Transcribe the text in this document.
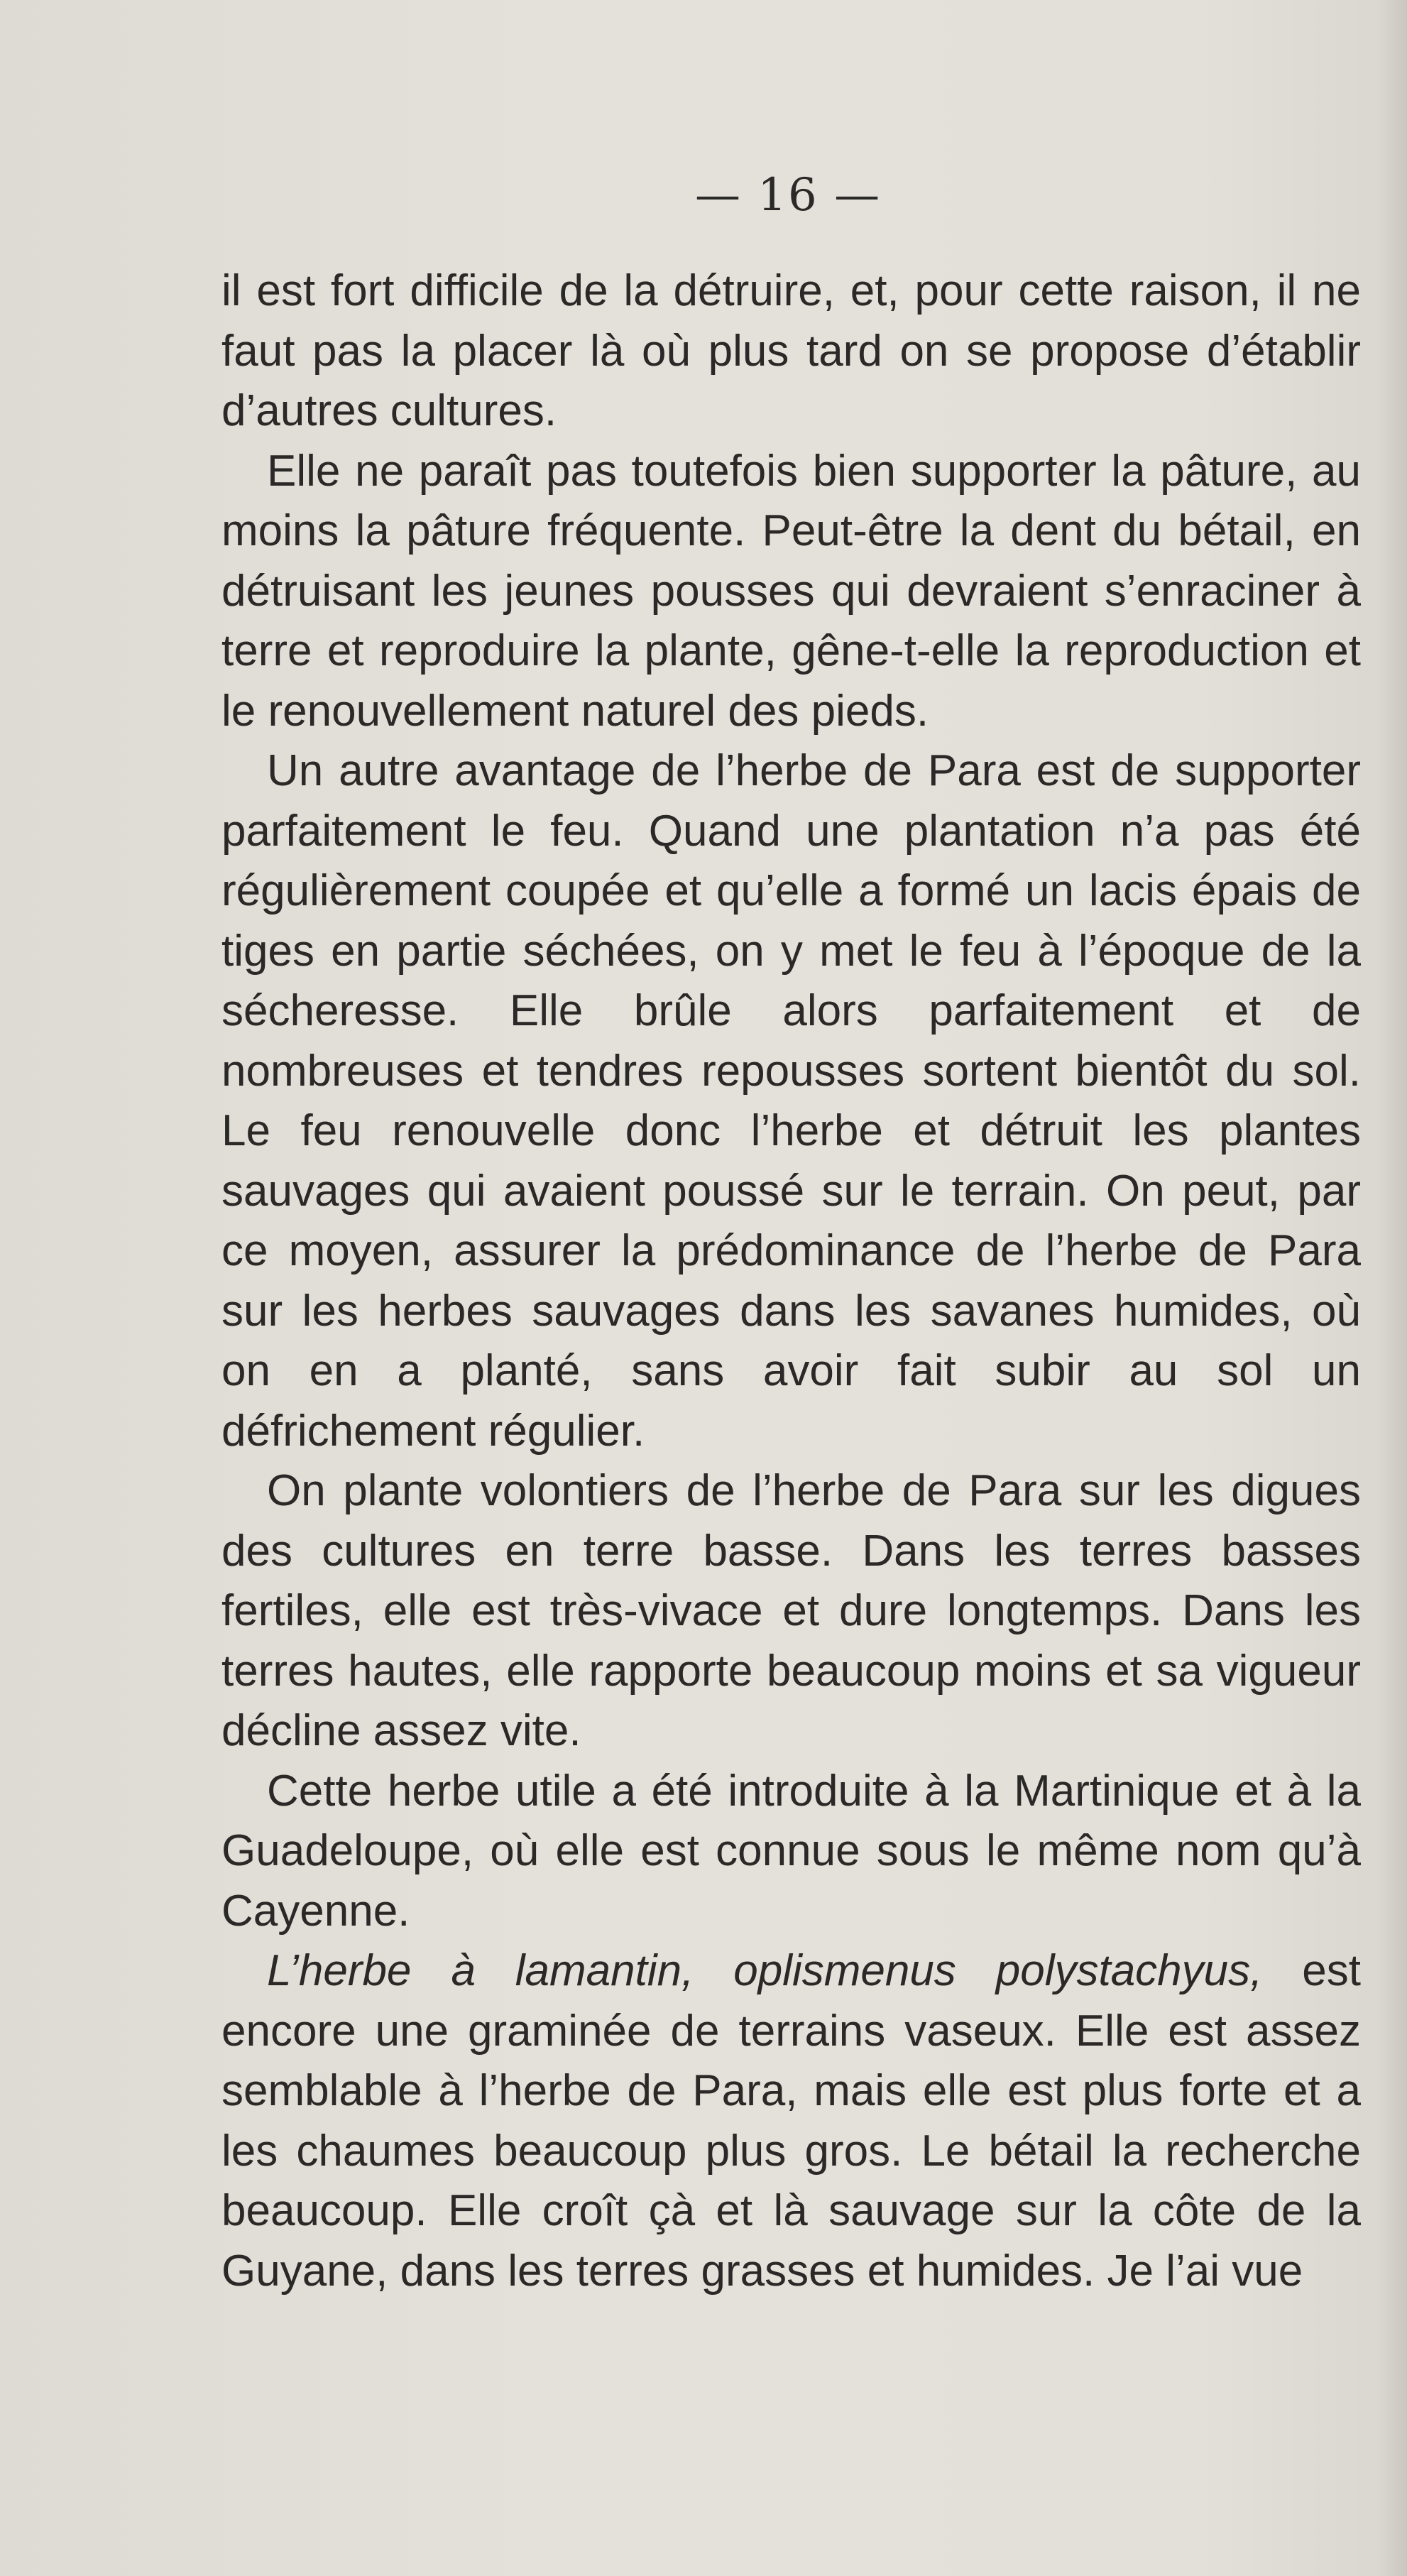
— 16 —

il est fort difficile de la détruire, et, pour cette raison, il ne faut pas la placer là où plus tard on se propose d’établir d’autres cultures.

Elle ne paraît pas toutefois bien supporter la pâture, au moins la pâture fréquente. Peut-être la dent du bétail, en détruisant les jeunes pousses qui devraient s’enraciner à terre et reproduire la plante, gêne-t-elle la reproduction et le renouvellement naturel des pieds.

Un autre avantage de l’herbe de Para est de supporter parfaitement le feu. Quand une plantation n’a pas été régulièrement coupée et qu’elle a formé un lacis épais de tiges en partie séchées, on y met le feu à l’époque de la sécheresse. Elle brûle alors parfaitement et de nombreuses et tendres repousses sortent bientôt du sol. Le feu renouvelle donc l’herbe et détruit les plantes sauvages qui avaient poussé sur le terrain. On peut, par ce moyen, assurer la prédominance de l’herbe de Para sur les herbes sauvages dans les savanes humides, où on en a planté, sans avoir fait subir au sol un défrichement régulier.

On plante volontiers de l’herbe de Para sur les digues des cultures en terre basse. Dans les terres basses fertiles, elle est très-vivace et dure longtemps. Dans les terres hautes, elle rapporte beaucoup moins et sa vigueur décline assez vite.

Cette herbe utile a été introduite à la Martinique et à la Guadeloupe, où elle est connue sous le même nom qu’à Cayenne.

L’herbe à lamantin, oplismenus polystachyus, est encore une graminée de terrains vaseux. Elle est assez semblable à l’herbe de Para, mais elle est plus forte et a les chaumes beaucoup plus gros. Le bétail la recherche beaucoup. Elle croît çà et là sauvage sur la côte de la Guyane, dans les terres grasses et humides. Je l’ai vue
